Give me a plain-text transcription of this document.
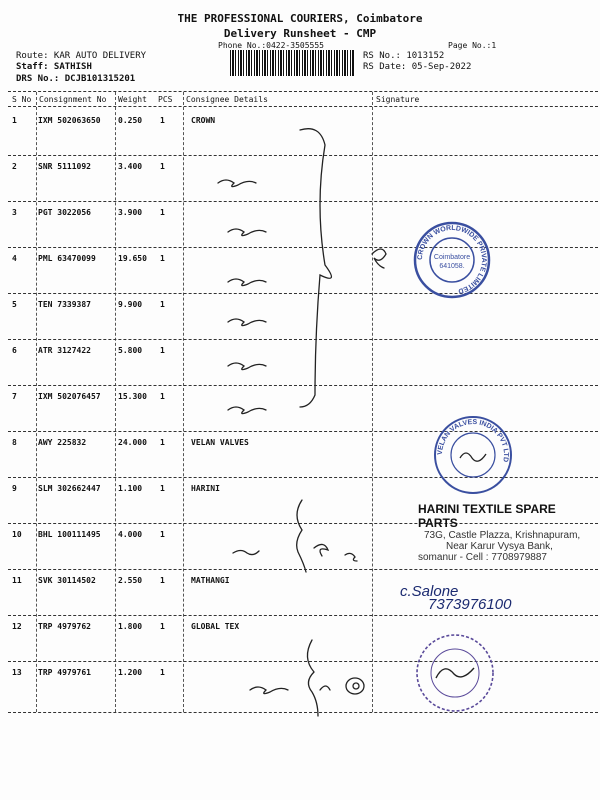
THE PROFESSIONAL COURIERS, Coimbatore
Delivery Runsheet - CMP
Phone No.:0422-3505555	Page No.:1
Route: KAR AUTO DELIVERY
Staff: SATHISH
DRS No.: DCJB101315201
RS No.: 1013152
RS Date: 05-Sep-2022
S No Consignment No Weight PCS Consignee Details	Signature
1	IXM 502063650 0.250 1	CROWN
2	SNR 5111092	3.400 1
3	PGT 3022056	3.900 1
4	PML 63470099	19.650 1
5	TEN 7339387	9.900 1
6	ATR 3127422	5.800 1
7	IXM 502076457 15.300 1
8	AWY 225832	24.000 1	VELAN VALVES
9	SLM 302662447 1.100 1	HARINI
10 BHL 100111495 4.000 1
11 SVK 30114502	2.550 1	MATHANGI
12 TRP 4979762	1.800 1	GLOBAL TEX
13 TRP 4979761	1.200 1
CROWN WORLDWIDE PRIVATE LIMITED
Coimbatore
641058.
VELAN VALVES INDIA PVT LTD
HARINI TEXTILE SPARE PARTS
73G, Castle Plazza, Krishnapuram,
Near Karur Vysya Bank,
somanur - Cell : 7708979887
c.Salone
7373976100
